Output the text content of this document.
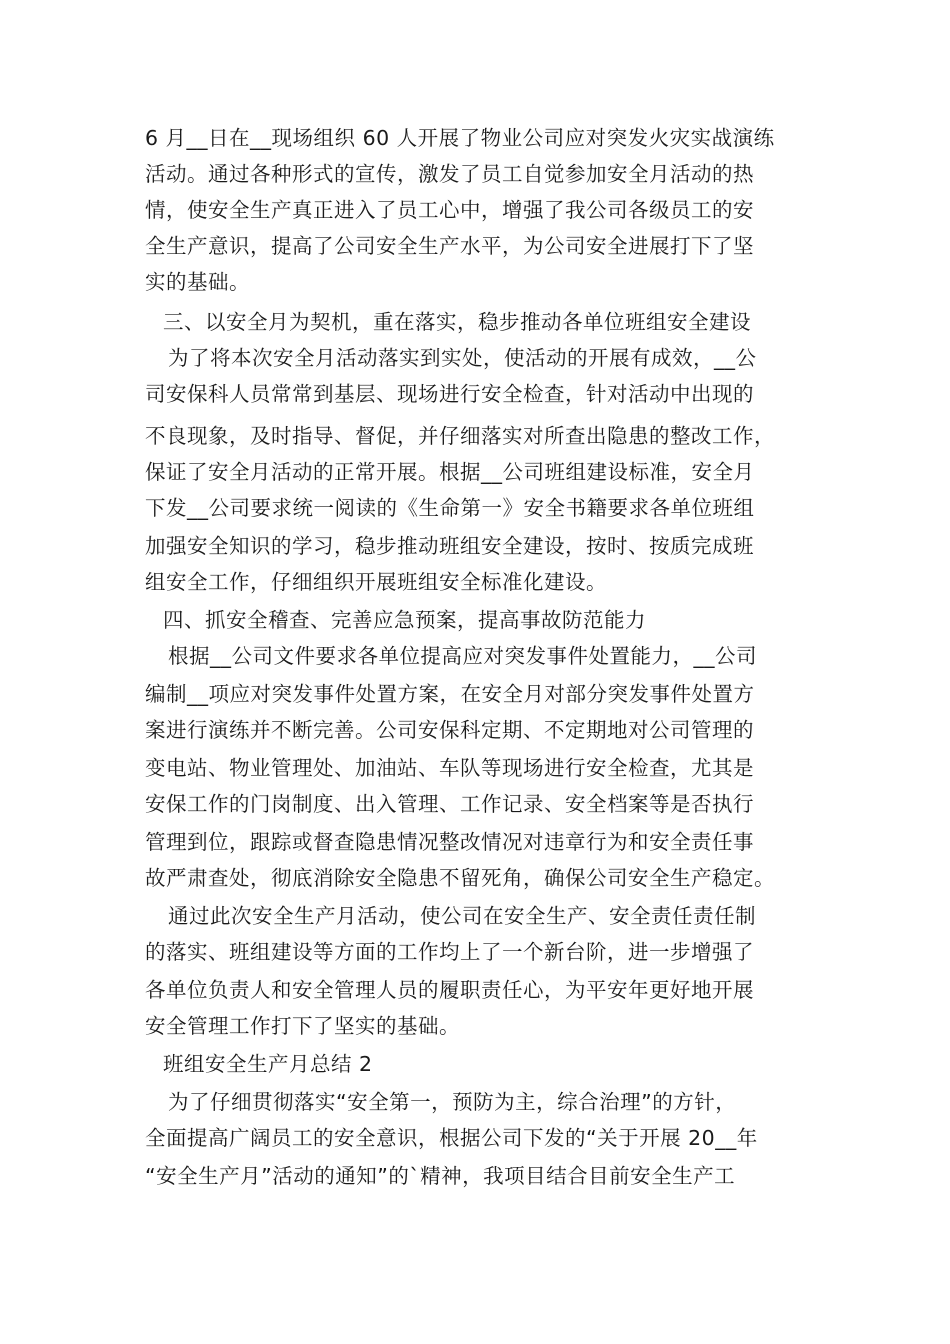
6 月__日在__现场组织 60 人开展了物业公司应对突发火灾实战演练
活动。通过各种形式的宣传，激发了员工自觉参加安全月活动的热
情，使安全生产真正进入了员工心中，增强了我公司各级员工的安
全生产意识，提高了公司安全生产水平，为公司安全进展打下了坚
实的基础。
三、以安全月为契机，重在落实，稳步推动各单位班组安全建设
为了将本次安全月活动落实到实处，使活动的开展有成效，__公
司安保科人员常常到基层、现场进行安全检查，针对活动中出现的
不良现象，及时指导、督促，并仔细落实对所查出隐患的整改工作，
保证了安全月活动的正常开展。根据__公司班组建设标准，安全月
下发__公司要求统一阅读的《生命第一》安全书籍要求各单位班组
加强安全知识的学习，稳步推动班组安全建设，按时、按质完成班
组安全工作，仔细组织开展班组安全标准化建设。
四、抓安全稽查、完善应急预案，提高事故防范能力
根据__公司文件要求各单位提高应对突发事件处置能力，__公司
编制__项应对突发事件处置方案，在安全月对部分突发事件处置方
案进行演练并不断完善。公司安保科定期、不定期地对公司管理的
变电站、物业管理处、加油站、车队等现场进行安全检查，尤其是
安保工作的门岗制度、出入管理、工作记录、安全档案等是否执行
管理到位，跟踪或督查隐患情况整改情况对违章行为和安全责任事
故严肃查处，彻底消除安全隐患不留死角，确保公司安全生产稳定。
通过此次安全生产月活动，使公司在安全生产、安全责任责任制
的落实、班组建设等方面的工作均上了一个新台阶，进一步增强了
各单位负责人和安全管理人员的履职责任心，为平安年更好地开展
安全管理工作打下了坚实的基础。
班组安全生产月总结 2
为了仔细贯彻落实“安全第一，预防为主，综合治理”的方针，
全面提高广阔员工的安全意识，根据公司下发的“关于开展 20__年
“安全生产月”活动的通知”的`精神，我项目结合目前安全生产工
